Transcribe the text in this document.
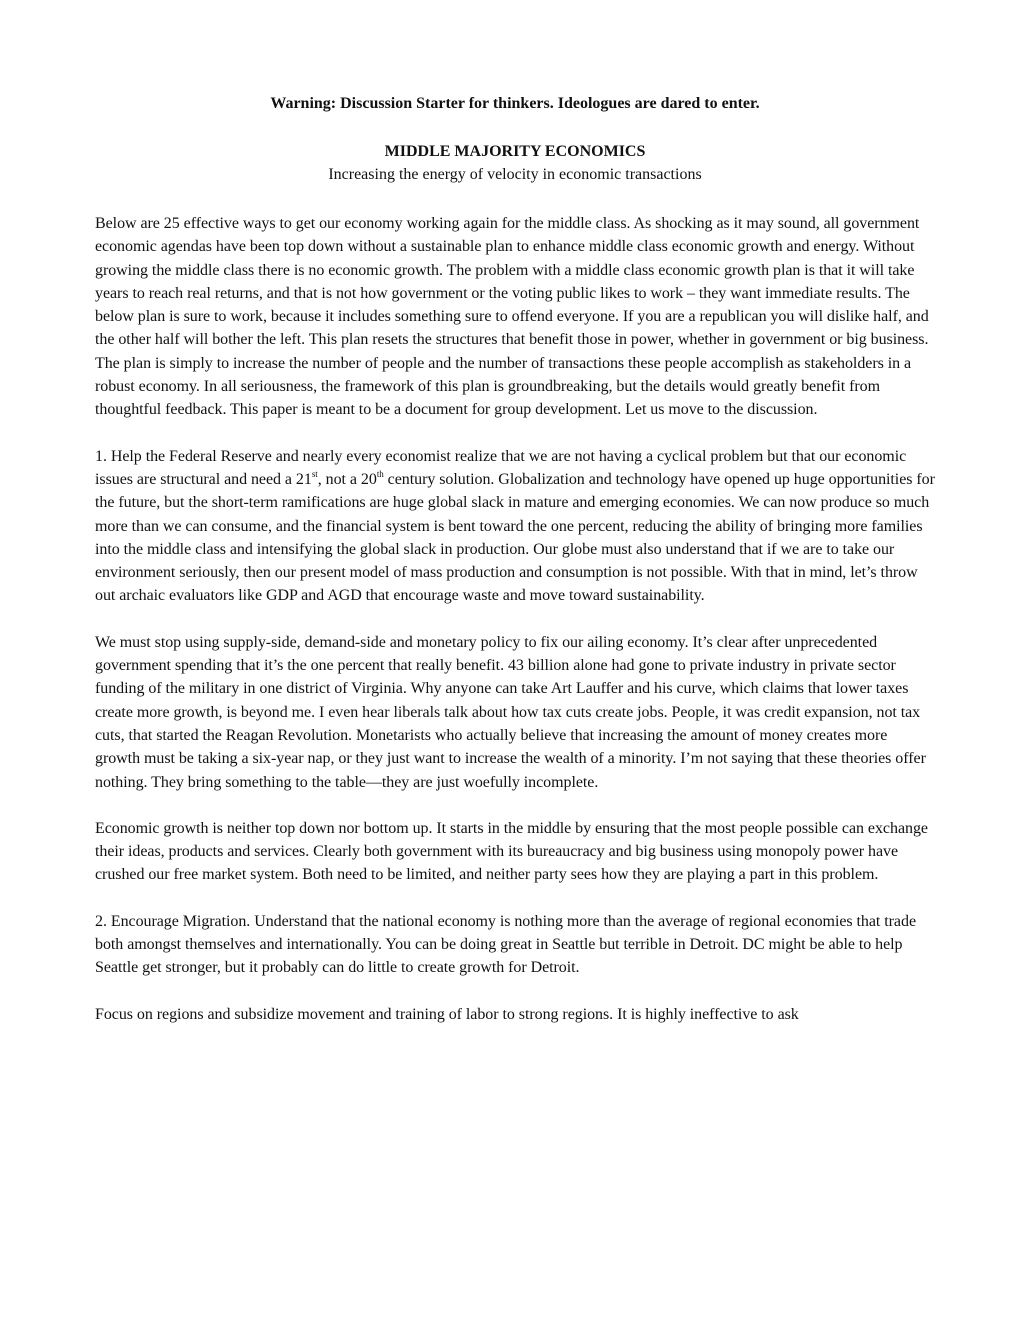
Warning: Discussion Starter for thinkers. Ideologues are dared to enter.

MIDDLE MAJORITY ECONOMICS

Increasing the energy of velocity in economic transactions

Below are 25 effective ways to get our economy working again for the middle class. As shocking as it may sound, all government economic agendas have been top down without a sustainable plan to enhance middle class economic growth and energy. Without growing the middle class there is no economic growth. The problem with a middle class economic growth plan is that it will take years to reach real returns, and that is not how government or the voting public likes to work – they want immediate results. The below plan is sure to work, because it includes something sure to offend everyone. If you are a republican you will dislike half, and the other half will bother the left. This plan resets the structures that benefit those in power, whether in government or big business. The plan is simply to increase the number of people and the number of transactions these people accomplish as stakeholders in a robust economy. In all seriousness, the framework of this plan is groundbreaking, but the details would greatly benefit from thoughtful feedback. This paper is meant to be a document for group development. Let us move to the discussion.

1. Help the Federal Reserve and nearly every economist realize that we are not having a cyclical problem but that our economic issues are structural and need a 21st, not a 20th century solution. Globalization and technology have opened up huge opportunities for the future, but the short-term ramifications are huge global slack in mature and emerging economies. We can now produce so much more than we can consume, and the financial system is bent toward the one percent, reducing the ability of bringing more families into the middle class and intensifying the global slack in production. Our globe must also understand that if we are to take our environment seriously, then our present model of mass production and consumption is not possible. With that in mind, let’s throw out archaic evaluators like GDP and AGD that encourage waste and move toward sustainability.

We must stop using supply-side, demand-side and monetary policy to fix our ailing economy. It’s clear after unprecedented government spending that it’s the one percent that really benefit. 43 billion alone had gone to private industry in private sector funding of the military in one district of Virginia. Why anyone can take Art Lauffer and his curve, which claims that lower taxes create more growth, is beyond me. I even hear liberals talk about how tax cuts create jobs. People, it was credit expansion, not tax cuts, that started the Reagan Revolution. Monetarists who actually believe that increasing the amount of money creates more growth must be taking a six-year nap, or they just want to increase the wealth of a minority. I’m not saying that these theories offer nothing. They bring something to the table—they are just woefully incomplete.

Economic growth is neither top down nor bottom up. It starts in the middle by ensuring that the most people possible can exchange their ideas, products and services. Clearly both government with its bureaucracy and big business using monopoly power have crushed our free market system. Both need to be limited, and neither party sees how they are playing a part in this problem.

2. Encourage Migration. Understand that the national economy is nothing more than the average of regional economies that trade both amongst themselves and internationally. You can be doing great in Seattle but terrible in Detroit. DC might be able to help Seattle get stronger, but it probably can do little to create growth for Detroit.

Focus on regions and subsidize movement and training of labor to strong regions. It is highly ineffective to ask
